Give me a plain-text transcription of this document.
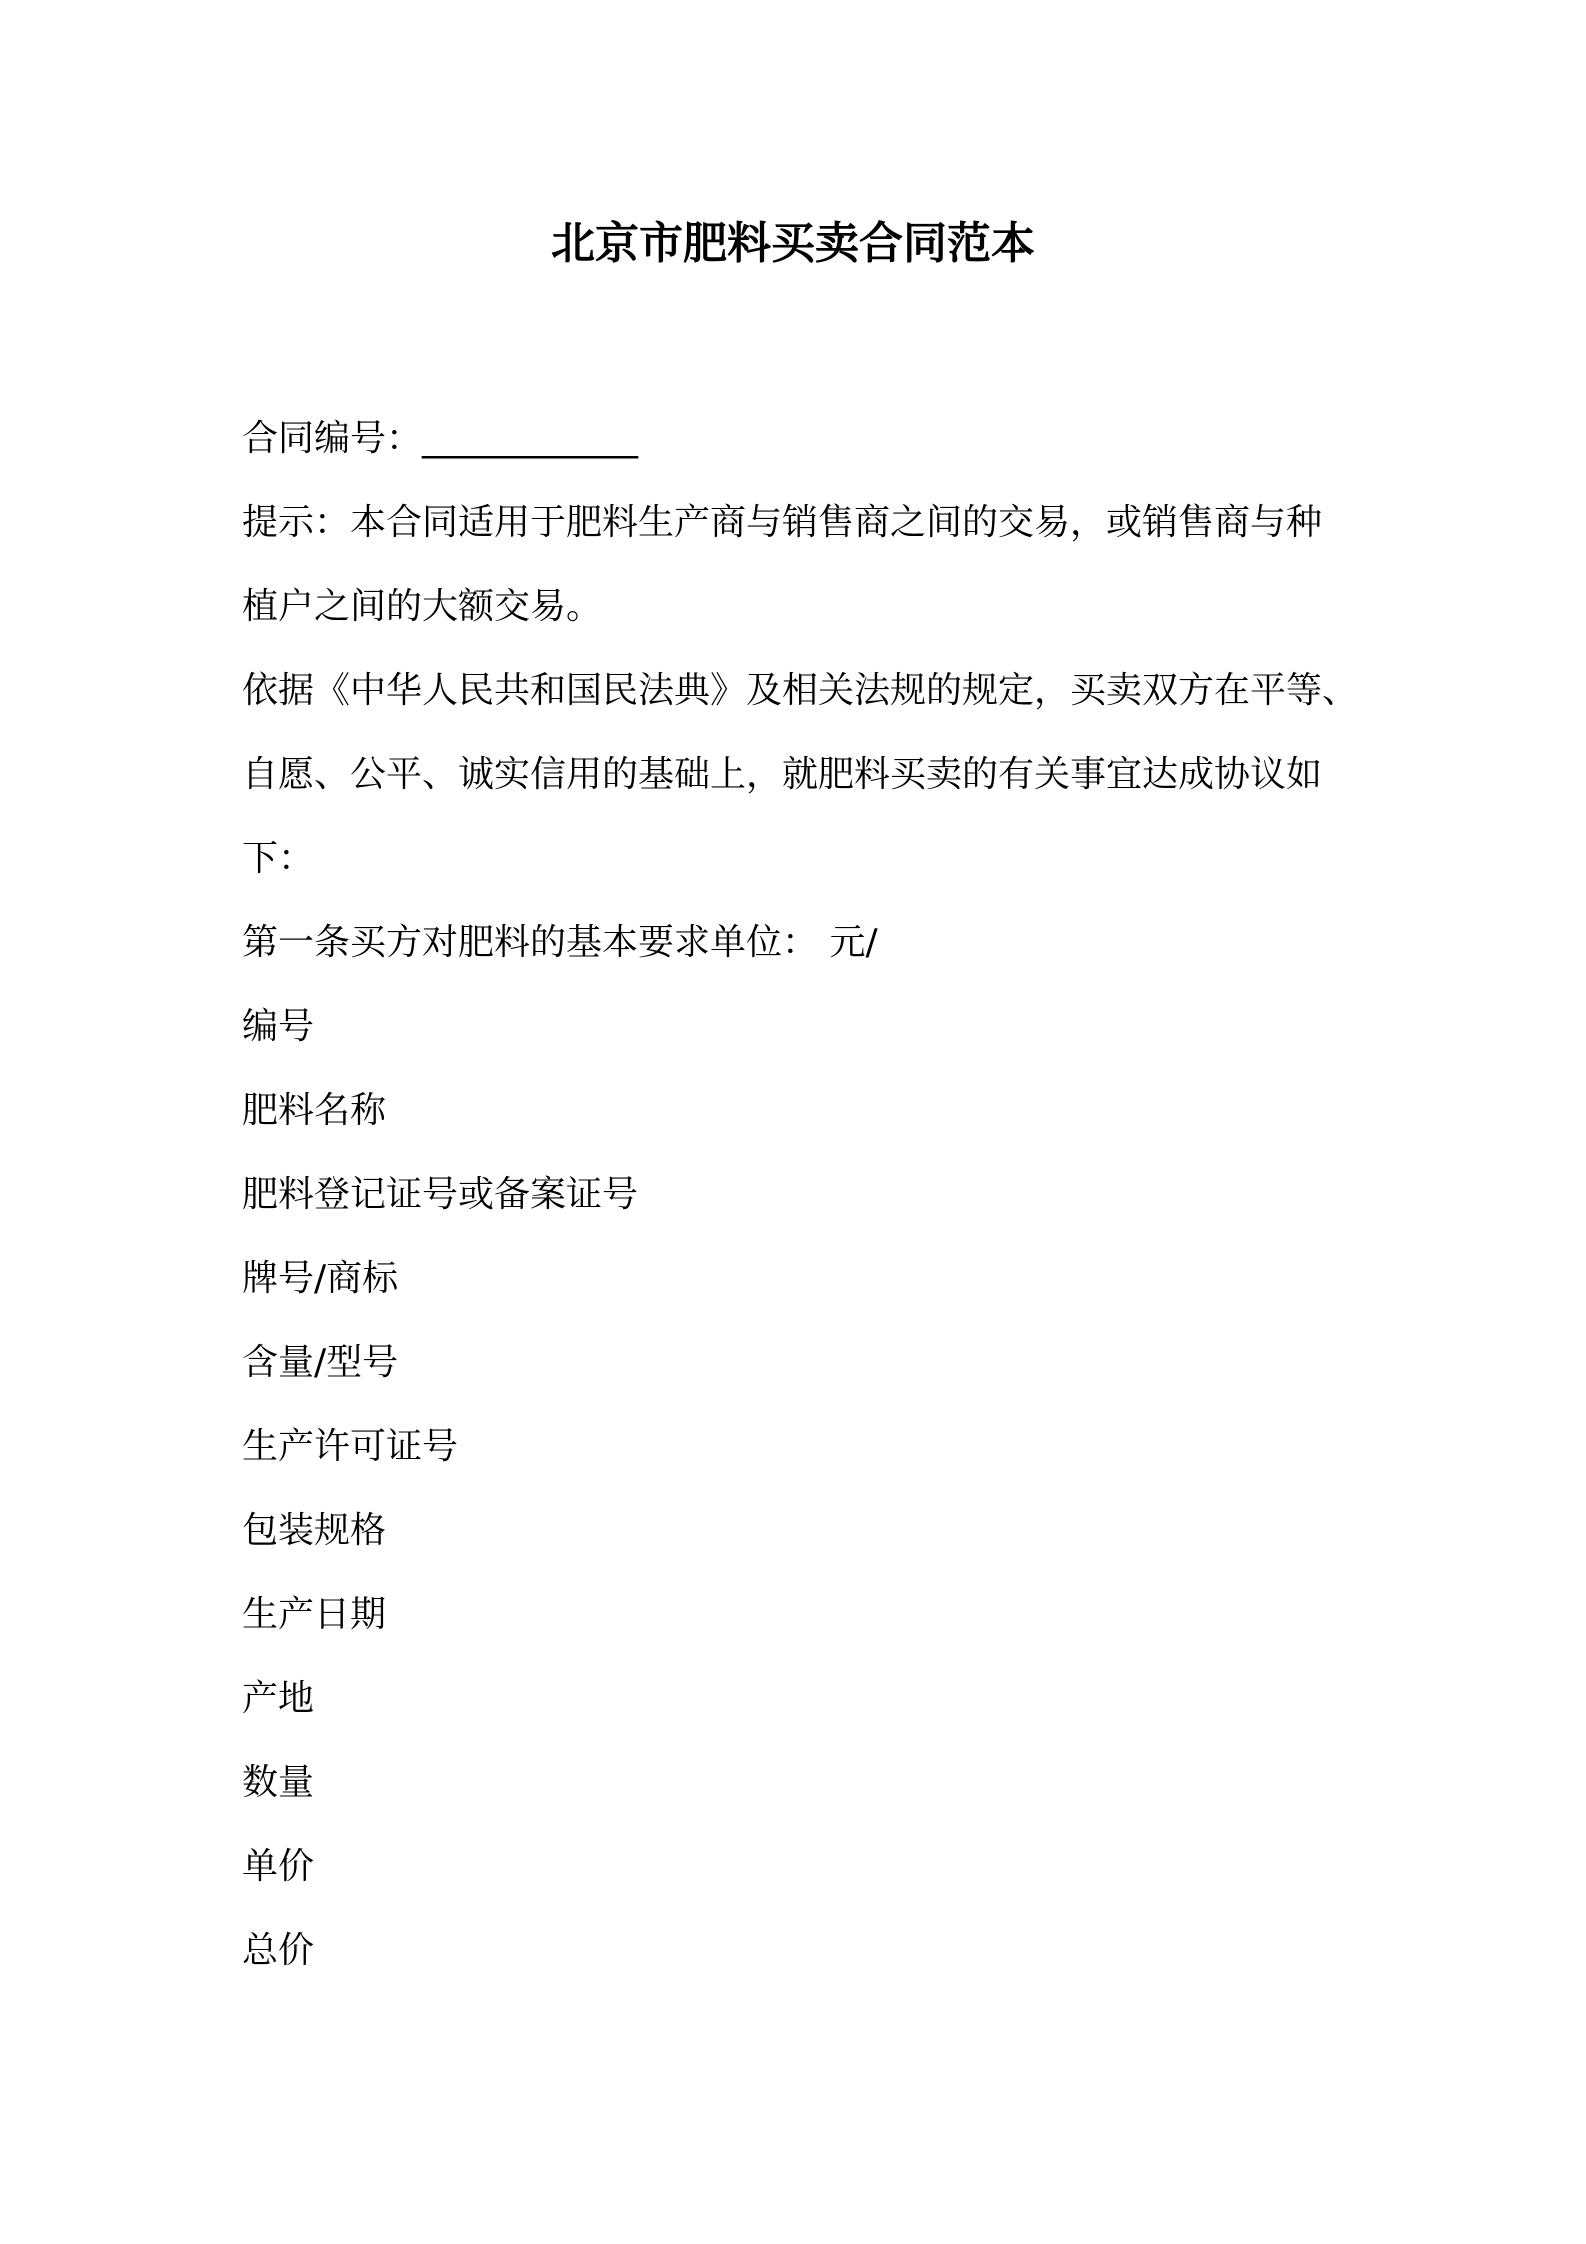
北京市肥料买卖合同范本
合同编号：____________
提示：本合同适用于肥料生产商与销售商之间的交易，或销售商与种
植户之间的大额交易。
依据《中华人民共和国民法典》及相关法规的规定，买卖双方在平等、
自愿、公平、诚实信用的基础上，就肥料买卖的有关事宜达成协议如
下：
第一条买方对肥料的基本要求单位： 元/
编号
肥料名称
肥料登记证号或备案证号
牌号/商标
含量/型号
生产许可证号
包装规格
生产日期
产地
数量
单价
总价
